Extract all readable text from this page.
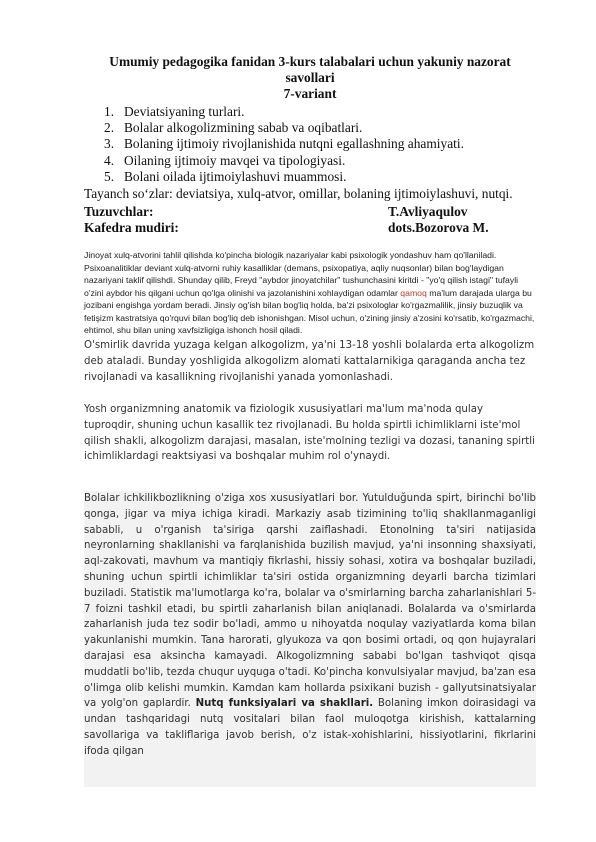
Umumiy pedagogika fanidan 3-kurs talabalari uchun yakuniy nazorat savollari
7-variant
1. Deviatsiyaning turlari.
2. Bolalar alkogolizmining sabab va oqibatlari.
3. Bolaning ijtimoiy rivojlanishida nutqni egallashning ahamiyati.
4. Oilaning ijtimoiy mavqei va tipologiyasi.
5. Bolani oilada ijtimoiylashuvi muammosi.
Tayanch so‘zlar: deviatsiya, xulq-atvor, omillar, bolaning ijtimoiylashuvi, nutqi.
Tuzuvchlar:	T.Avliyaqulov
Kafedra mudiri:	dots.Bozorova M.
Jinoyat xulq-atvorini tahlil qilishda ko'pincha biologik nazariyalar kabi psixologik yondashuv ham qo'llaniladi. Psixoanalitiklar deviant xulq-atvorni ruhiy kasalliklar (demans, psixopatiya, aqliy nuqsonlar) bilan bog'laydigan nazariyani taklif qilishdi. Shunday qilib, Freyd "aybdor jinoyatchilar" tushunchasini kiritdi - "yo'q qilish istagi" tufayli o'zini aybdor his qilgani uchun qo'lga olinishi va jazolanishini xohlaydigan odamlar qamoq ma'lum darajada ularga bu jozibani engishga yordam beradi. Jinsiy og'ish bilan bog'liq holda, ba'zi psixologlar ko'rgazmalilik, jinsiy buzuqlik va fetişizm kastratsiya qo'rquvi bilan bog'liq deb ishonishgan. Misol uchun, o'zining jinsiy a'zosini ko'rsatib, ko'rgazmachi, ehtimol, shu bilan uning xavfsizligiga ishonch hosil qiladi.
O'smirlik davrida yuzaga kelgan alkogolizm, ya'ni 13-18 yoshli bolalarda erta alkogolizm deb ataladi. Bunday yoshligida alkogolizm alomati kattalarnikiga qaraganda ancha tez rivojlanadi va kasallikning rivojlanishi yanada yomonlashadi.
Yosh organizmning anatomik va fiziologik xususiyatlari ma'lum ma'noda qulay tuproqdir, shuning uchun kasallik tez rivojlanadi. Bu holda spirtli ichimliklarni iste'mol qilish shakli, alkogolizm darajasi, masalan, iste'molning tezligi va dozasi, tananing spirtli ichimliklardagi reaktsiyasi va boshqalar muhim rol o'ynaydi.
Bolalar ichkilikbozlikning o'ziga xos xususiyatlari bor. Yutulduğunda spirt, birinchi bo'lib qonga, jigar va miya ichiga kiradi. Markaziy asab tizimining to'liq shakllanmaganligi sababli, u o'rganish ta'siriga qarshi zaiflashadi. Etonolning ta'siri natijasida neyronlarning shakllanishi va farqlanishida buzilish mavjud, ya'ni insonning shaxsiyati, aql-zakovati, mavhum va mantiqiy fikrlashi, hissiy sohasi, xotira va boshqalar buziladi, shuning uchun spirtli ichimliklar ta'siri ostida organizmning deyarli barcha tizimlari buziladi. Statistik ma'lumotlarga ko'ra, bolalar va o'smirlarning barcha zaharlanishlari 5-7 foizni tashkil etadi, bu spirtli zaharlanish bilan aniqlanadi. Bolalarda va o'smirlarda zaharlanish juda tez sodir bo'ladi, ammo u nihoyatda noqulay vaziyatlarda koma bilan yakunlanishi mumkin. Tana harorati, glyukoza va qon bosimi ortadi, oq qon hujayralari darajasi esa aksincha kamayadi. Alkogolizmning sababi bo'lgan tashviqot qisqa muddatli bo'lib, tezda chuqur uyquga o'tadi. Ko'pincha konvulsiyalar mavjud, ba'zan esa o'limga olib kelishi mumkin. Kamdan kam hollarda psixikani buzish - gallyutsinatsiyalar va yolg'on gaplardir. Nutq funksiyalari va shakllari. Bolaning imkon doirasidagi va undan tashqaridagi nutq vositalari bilan faol muloqotga kirishish, kattalarning savollariga va takliflariga javob berish, o'z istak-xohishlarini, hissiyotlarini, fikrlarini ifoda qilgan
